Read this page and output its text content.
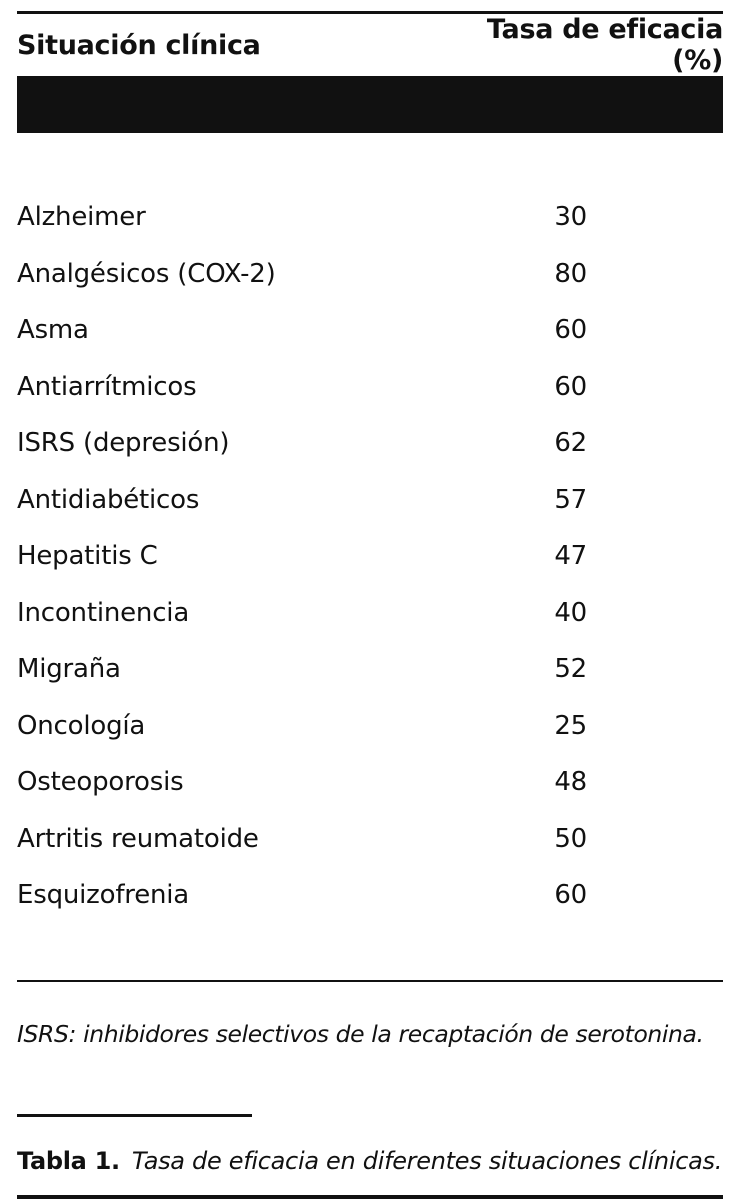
Situación clínica	Tasa de eficacia (%)

Alzheimer	30
Analgésicos (COX-2)	80
Asma	60
Antiarrítmicos	60
ISRS (depresión)	62
Antidiabéticos	57
Hepatitis C	47
Incontinencia	40
Migraña	52
Oncología	25
Osteoporosis	48
Artritis reumatoide	50
Esquizofrenia	60

ISRS: inhibidores selectivos de la recaptación de serotonina.
Tabla 1. Tasa de eficacia en diferentes situaciones clínicas.
